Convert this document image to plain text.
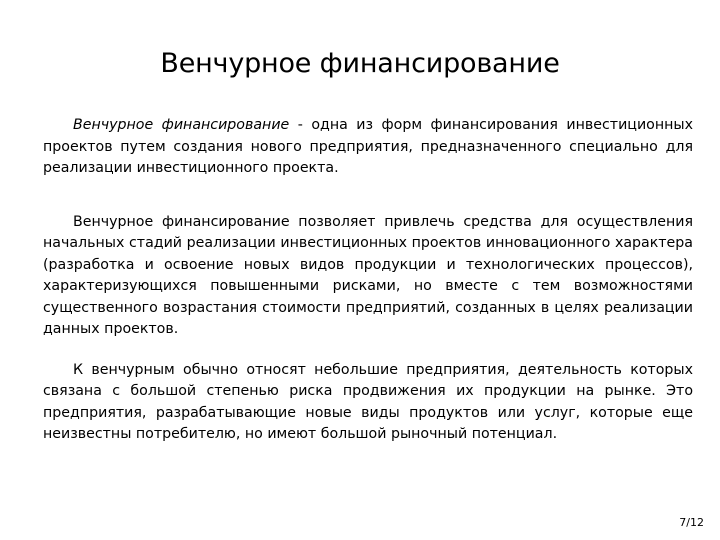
Венчурное финансирование

Венчурное финансирование - одна из форм финансирования инвестиционных проектов путем создания нового предприятия, предназначенного специально для реализации инвестиционного проекта.

Венчурное финансирование позволяет привлечь средства для осуществления начальных стадий реализации инвестиционных проектов инновационного характера (разработка и освоение новых видов продукции и технологических процессов), характеризующихся повышенными рисками, но вместе с тем возможностями существенного возрастания стоимости предприятий, созданных в целях реализации данных проектов.

К венчурным обычно относят небольшие предприятия, деятельность которых связана с большой степенью риска продвижения их продукции на рынке. Это предприятия, разрабатывающие новые виды продуктов или услуг, которые еще неизвестны потребителю, но имеют большой рыночный потенциал.

7/12
